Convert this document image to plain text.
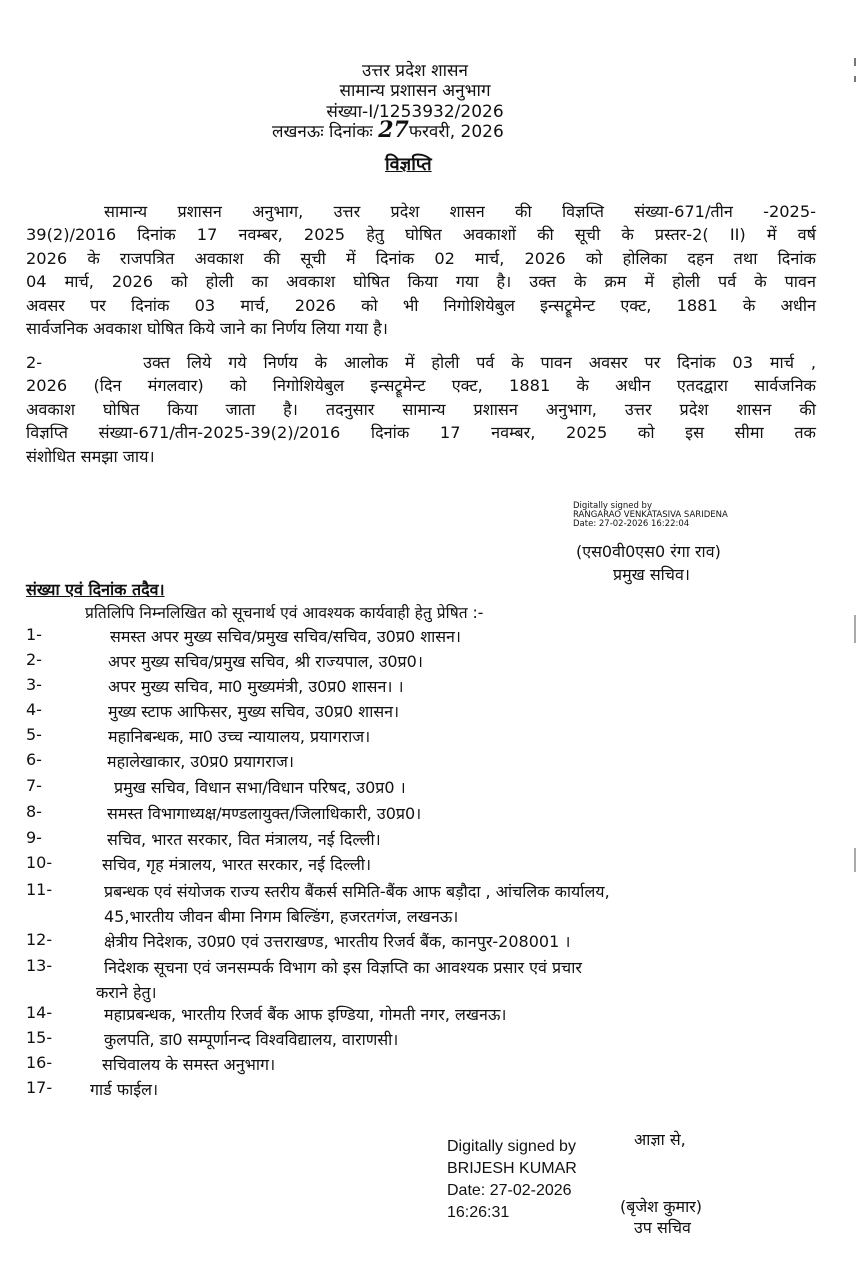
उत्तर प्रदेश शासन
सामान्य प्रशासन अनुभाग
संख्या-I/1253932/2026
लखनऊः दिनांकः 27फरवरी, 2026
विज्ञप्ति
सामान्य प्रशासन अनुभाग, उत्तर प्रदेश शासन की विज्ञप्ति संख्या-671/तीन -2025-
39(2)/2016 दिनांक 17 नवम्बर, 2025 हेतु घोषित अवकाशों की सूची के प्रस्तर-2( II) में वर्ष
2026 के राजपत्रित अवकाश की सूची में दिनांक 02 मार्च, 2026 को होलिका दहन तथा दिनांक
04 मार्च, 2026 को होली का अवकाश घोषित किया गया है। उक्त के क्रम में होली पर्व के पावन
अवसर पर दिनांक 03 मार्च, 2026 को भी निगोशियेबुल इन्सट्रूमेन्ट एक्ट, 1881 के अधीन
सार्वजनिक अवकाश घोषित किये जाने का निर्णय लिया गया है।
2-      उक्त लिये गये निर्णय के आलोक में होली पर्व के पावन अवसर पर दिनांक 03 मार्च ,
2026 (दिन मंगलवार) को निगोशियेबुल इन्सट्रूमेन्ट एक्ट, 1881 के अधीन एतदद्वारा सार्वजनिक
अवकाश घोषित किया जाता है। तदनुसार सामान्य प्रशासन अनुभाग, उत्तर प्रदेश शासन की
विज्ञप्ति संख्या-671/तीन-2025-39(2)/2016 दिनांक 17 नवम्बर, 2025 को इस सीमा तक
संशोधित समझा जाय।
Digitally signed by
RANGARAO VENKATASIVA SARIDENA
Date: 27-02-2026 16:22:04
(एस0वी0एस0 रंगा राव)
प्रमुख सचिव।
संख्या एवं दिनांक तदैव।
प्रतिलिपि निम्नलिखित को सूचनार्थ एवं आवश्यक कार्यवाही हेतु प्रेषित :-
1-	समस्त अपर मुख्य सचिव/प्रमुख सचिव/सचिव, उ0प्र0 शासन।
2-	अपर मुख्य सचिव/प्रमुख सचिव, श्री राज्यपाल, उ0प्र0।
3-	अपर मुख्य सचिव, मा0 मुख्यमंत्री, उ0प्र0 शासन। ।
4-	मुख्य स्टाफ आफिसर, मुख्य सचिव, उ0प्र0 शासन।
5-	महानिबन्धक, मा0 उच्च न्यायालय, प्रयागराज।
6-	महालेखाकार, उ0प्र0 प्रयागराज।
7-	प्रमुख सचिव, विधान सभा/विधान परिषद, उ0प्र0 ।
8-	समस्त विभागाध्यक्ष/मण्डलायुक्त/जिलाधिकारी, उ0प्र0।
9-	सचिव, भारत सरकार, वित मंत्रालय, नई दिल्ली।
10-	सचिव, गृह मंत्रालय, भारत सरकार, नई दिल्ली।
11-	प्रबन्धक एवं संयोजक राज्य स्तरीय बैंकर्स समिति-बैंक आफ बड़ौदा , आंचलिक कार्यालय,
45,भारतीय जीवन बीमा निगम बिल्डिंग, हजरतगंज, लखनऊ।
12-	क्षेत्रीय निदेशक, उ0प्र0 एवं उत्तराखण्ड, भारतीय रिजर्व बैंक, कानपुर-208001 ।
13-	निदेशक सूचना एवं जनसम्पर्क विभाग को इस विज्ञप्ति का आवश्यक प्रसार एवं प्रचार
कराने हेतु।
14-	महाप्रबन्धक, भारतीय रिजर्व बैंक आफ इण्डिया, गोमती नगर, लखनऊ।
15-	कुलपति, डा0 सम्पूर्णानन्द विश्वविद्यालय, वाराणसी।
16-	सचिवालय के समस्त अनुभाग।
17- गार्ड फाईल।
आज्ञा से,
Digitally signed by
BRIJESH KUMAR
Date: 27-02-2026
16:26:31	(बृजेश कुमार)
उप सचिव
